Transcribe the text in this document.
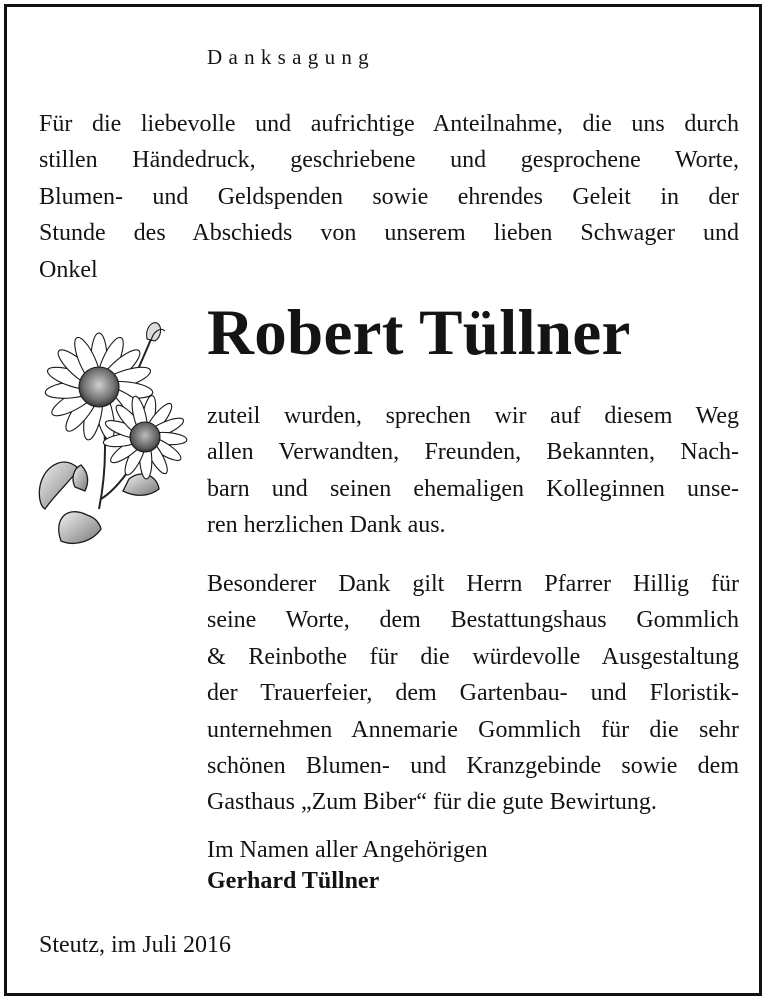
Danksagung
Für die liebevolle und aufrichtige Anteilnahme, die uns durch
stillen Händedruck, geschriebene und gesprochene Worte,
Blumen- und Geldspenden sowie ehrendes Geleit in der
Stunde des Abschieds von unserem lieben Schwager und
Onkel
Robert Tüllner
zuteil wurden, sprechen wir auf diesem Weg
allen Verwandten, Freunden, Bekannten, Nach-
barn und seinen ehemaligen Kolleginnen unse-
ren herzlichen Dank aus.
Besonderer Dank gilt Herrn Pfarrer Hillig für
seine Worte, dem Bestattungshaus Gommlich
& Reinbothe für die würdevolle Ausgestaltung
der Trauerfeier, dem Gartenbau- und Floristik-
unternehmen Annemarie Gommlich für die sehr
schönen Blumen- und Kranzgebinde sowie dem
Gasthaus „Zum Biber“ für die gute Bewirtung.
Im Namen aller Angehörigen
Gerhard Tüllner
Steutz, im Juli 2016
